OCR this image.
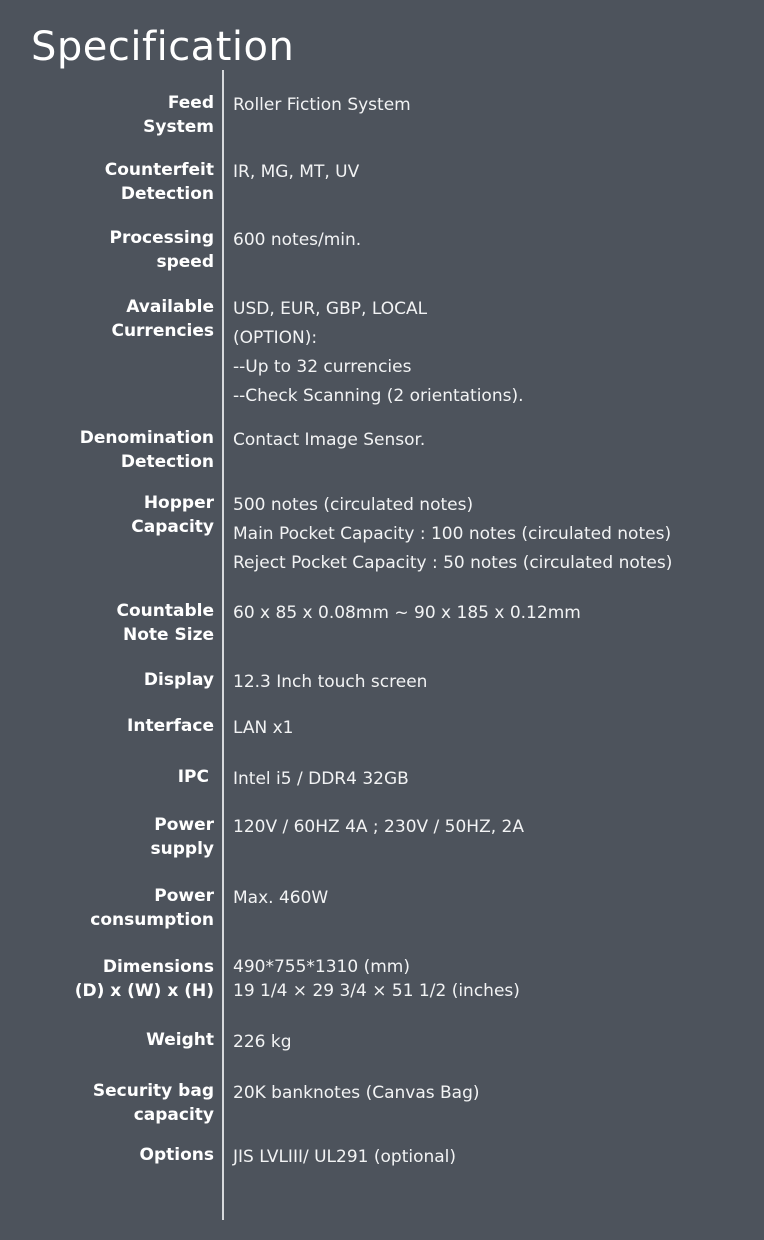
Specification
Feed
System
Roller Fiction System
Counterfeit
Detection
IR, MG, MT, UV
Processing
speed
600 notes/min.
Available
Currencies
USD, EUR, GBP, LOCAL
(OPTION):
--Up to 32 currencies
--Check Scanning (2 orientations).
Denomination
Detection
Contact Image Sensor.
Hopper
Capacity
500 notes (circulated notes)
Main Pocket Capacity : 100 notes (circulated notes)
Reject Pocket Capacity : 50 notes (circulated notes)
Countable
Note Size
60 x 85 x 0.08mm ~ 90 x 185 x 0.12mm
Display 12.3 Inch touch screen
Interface LAN x1
IPC Intel i5 / DDR4 32GB
Power
supply
120V / 60HZ 4A ; 230V / 50HZ, 2A
Power
consumption
Max. 460W
Dimensions
(D) x (W) x (H)
490*755*1310 (mm)
19 1/4 × 29 3/4 × 51 1/2 (inches)
Weight 226 kg
Security bag
capacity
20K banknotes (Canvas Bag)
Options JIS LVLIII/ UL291 (optional)
